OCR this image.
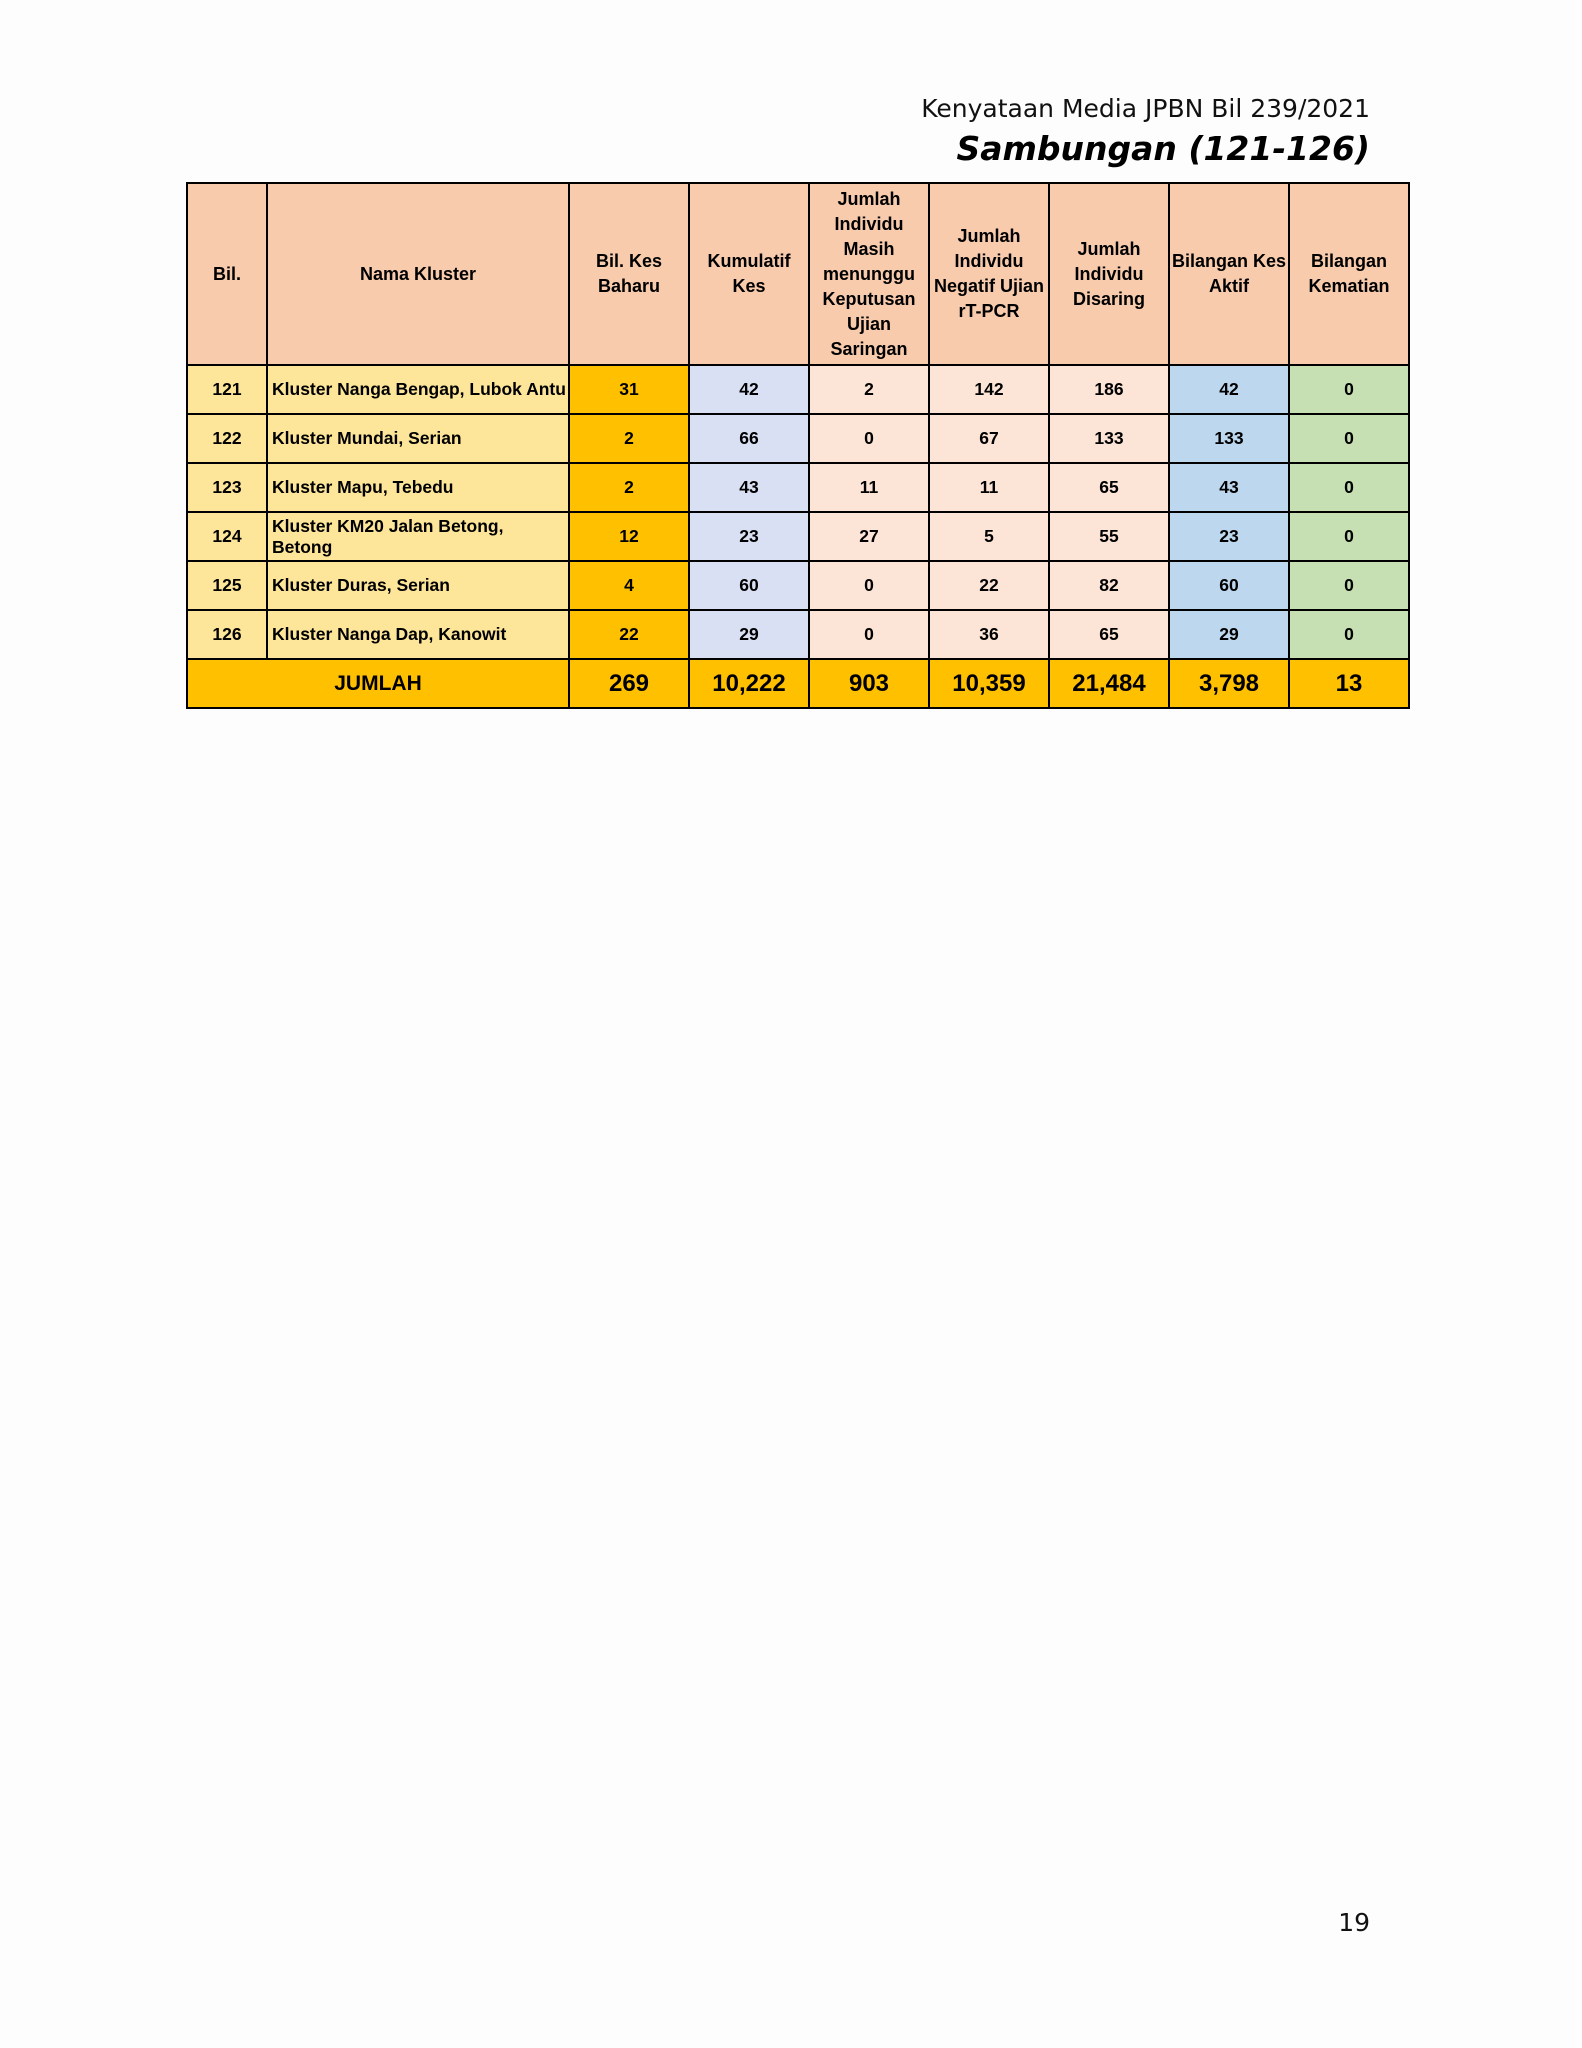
Kenyataan Media JPBN Bil 239/2021
Sambungan (121-126)
Bil.	Nama Kluster	Bil. Kes Baharu	Kumulatif Kes	Jumlah Individu Masih menunggu Keputusan Ujian Saringan	Jumlah Individu Negatif Ujian rT-PCR	Jumlah Individu Disaring	Bilangan Kes Aktif	Bilangan Kematian
121	Kluster Nanga Bengap, Lubok Antu	31	42	2	142	186	42	0
122	Kluster Mundai, Serian	2	66	0	67	133	133	0
123	Kluster Mapu, Tebedu	2	43	11	11	65	43	0
124	Kluster KM20 Jalan Betong, Betong	12	23	27	5	55	23	0
125	Kluster Duras, Serian	4	60	0	22	82	60	0
126	Kluster Nanga Dap, Kanowit	22	29	0	36	65	29	0
JUMLAH		269	10,222	903	10,359	21,484	3,798	13
19
